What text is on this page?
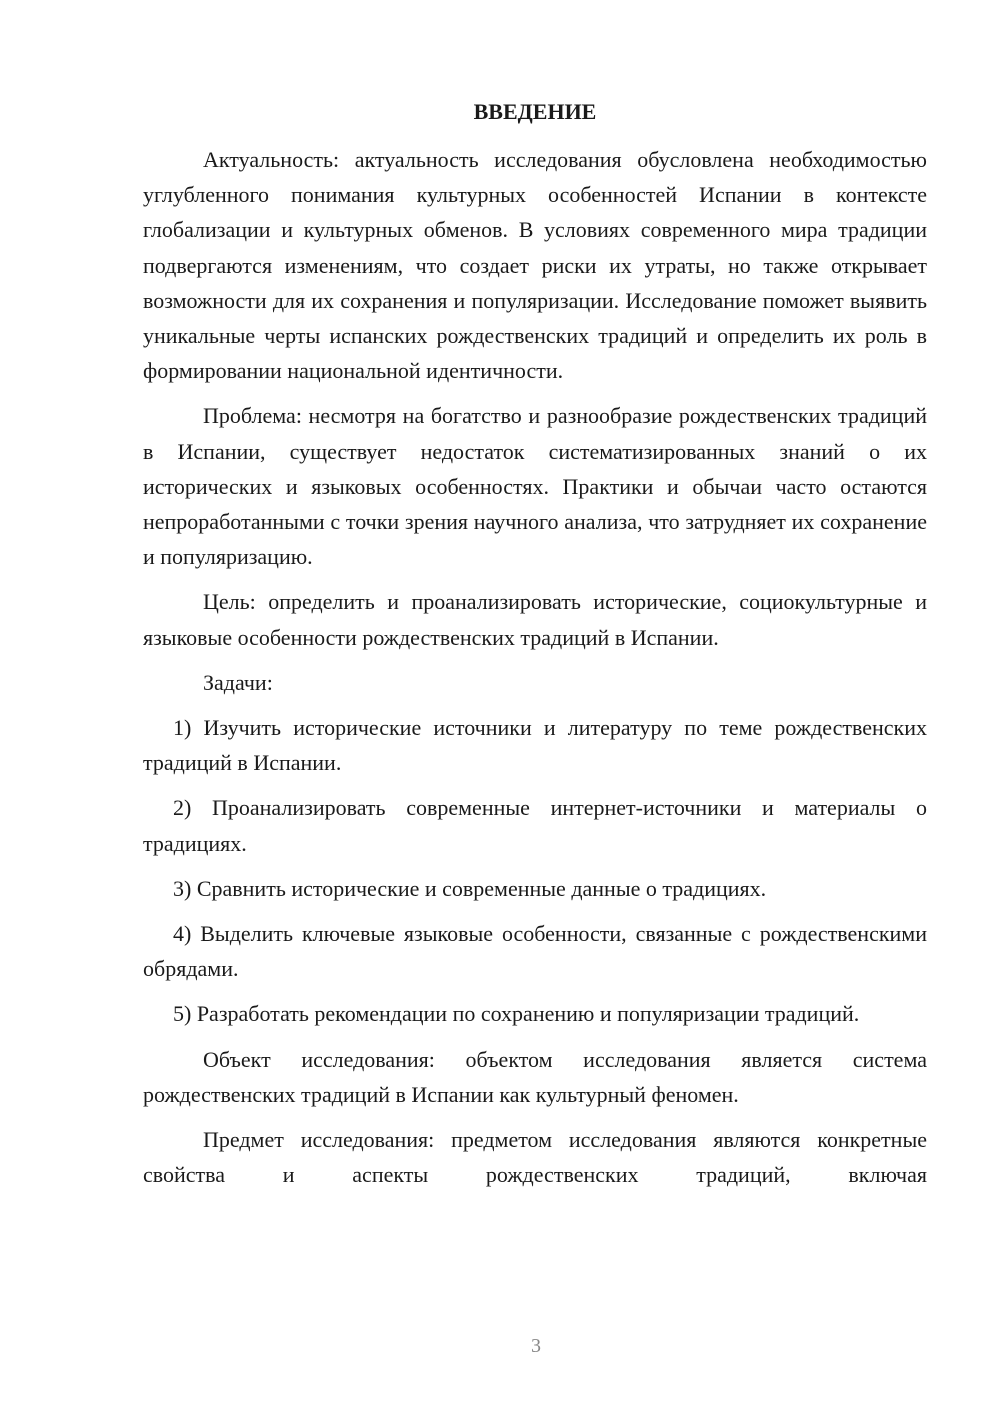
ВВЕДЕНИЕ

Актуальность: актуальность исследования обусловлена необходимостью углубленного понимания культурных особенностей Испании в контексте глобализации и культурных обменов. В условиях современного мира традиции подвергаются изменениям, что создает риски их утраты, но также открывает возможности для их сохранения и популяризации. Исследование поможет выявить уникальные черты испанских рождественских традиций и определить их роль в формировании национальной идентичности.

Проблема: несмотря на богатство и разнообразие рождественских традиций в Испании, существует недостаток систематизированных знаний о их исторических и языковых особенностях. Практики и обычаи часто остаются непроработанными с точки зрения научного анализа, что затрудняет их сохранение и популяризацию.

Цель: определить и проанализировать исторические, социокультурные и языковые особенности рождественских традиций в Испании.

Задачи:

1) Изучить исторические источники и литературу по теме рождественских традиций в Испании.

2) Проанализировать современные интернет-источники и материалы о традициях.

3) Сравнить исторические и современные данные о традициях.

4) Выделить ключевые языковые особенности, связанные с рождественскими обрядами.

5) Разработать рекомендации по сохранению и популяризации традиций.

Объект исследования: объектом исследования является система рождественских традиций в Испании как культурный феномен.

Предмет исследования: предметом исследования являются конкретные свойства и аспекты рождественских традиций, включая

3
